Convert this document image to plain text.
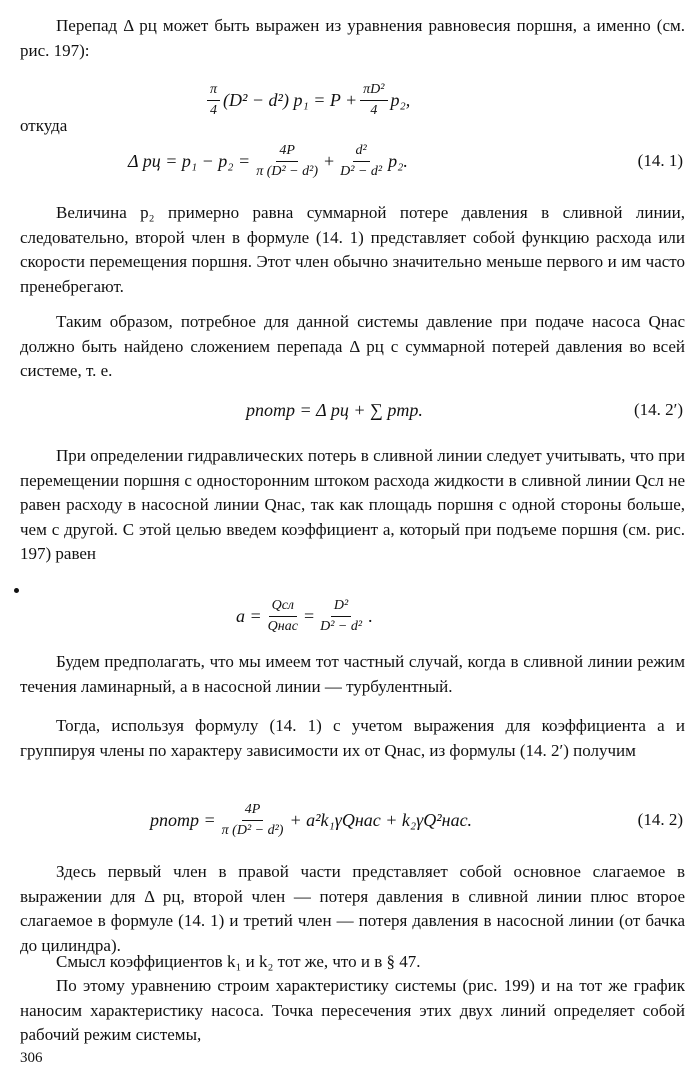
Перепад Δ pц может быть выражен из уравнения равновесия поршня, а именно (см. рис. 197):

$\frac{\pi}{4} (D^2 - d^2) p_1 = P + \frac{\text{πD²}}{4} p_2$,
откуда
Δ pц = $p_1 - p_2 = \frac{4P}{\text{π (D² − d²)}} + \frac{\text{d²}}{\text{D² − d²}} p_2$.	(14. 1)

Величина p₂ примерно равна суммарной потере давления в сливной линии, следовательно, второй член в формуле (14. 1) представляет собой функцию расхода или скорости перемещения поршня. Этот член обычно значительно меньше первого и им часто пренебрегают.

Таким образом, потребное для данной системы давление при подаче насоса Qнас должно быть найдено сложением перепада Δ pц с суммарной потерей давления во всей системе, т. е.

pпотр = Δ pц + ∑ pтр.	(14. 2′)

При определении гидравлических потерь в сливной линии следует учитывать, что при перемещении поршня с односторонним штоком расхода жидкости в сливной линии Qсл не равен расходу в насосной линии Qнас, так как площадь поршня с одной стороны больше, чем с другой. С этой целью введем коэффициент a, который при подъеме поршня (см. рис. 197) равен

$a = \frac{\text{Qсл}}{\text{Qнас}} = \frac{\text{D²}}{\text{D² − d²}}$ .

Будем предполагать, что мы имеем тот частный случай, когда в сливной линии режим течения ламинарный, а в насосной линии — турбулентный.

Тогда, используя формулу (14. 1) с учетом выражения для коэффициента a и группируя члены по характеру зависимости их от Qнас, из формулы (14. 2′) получим

pпотр = $\frac{4P}{\text{π (D² − d²)}}$ + a²k₁γQнас + k₂γQ²нас.	(14. 2)

Здесь первый член в правой части представляет собой основное слагаемое в выражении для Δ pц, второй член — потеря давления в сливной линии плюс второе слагаемое в формуле (14. 1) и третий член — потеря давления в насосной линии (от бачка до цилиндра).

Смысл коэффициентов k₁ и k₂ тот же, что и в § 47.

По этому уравнению строим характеристику системы (рис. 199) и на тот же график наносим характеристику насоса. Точка пересечения этих двух линий определяет собой рабочий режим системы,

306
